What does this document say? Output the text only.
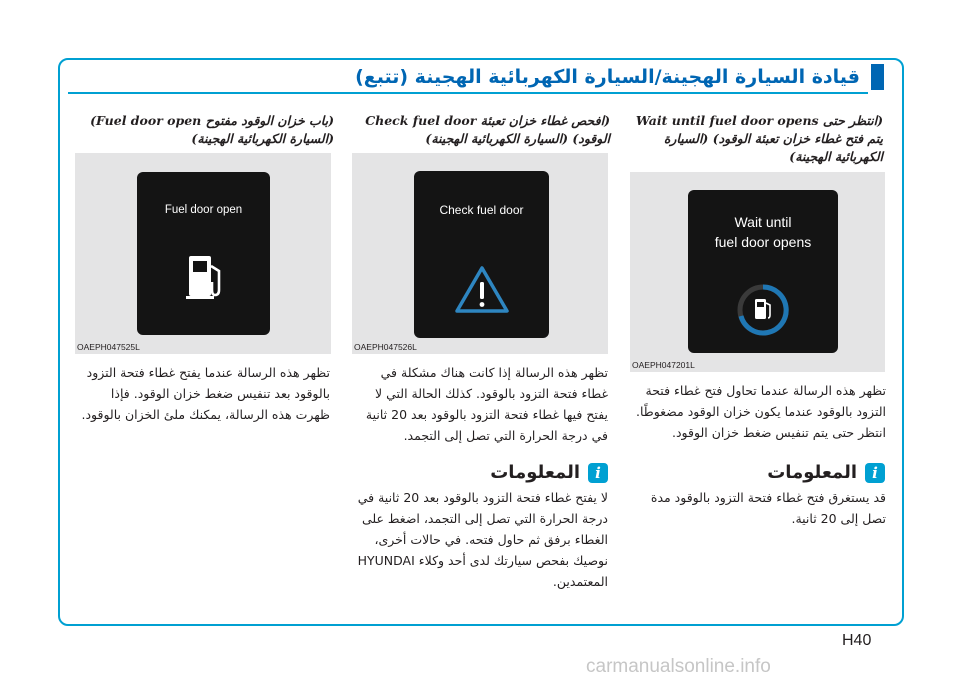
قيادة السيارة الهجينة/السيارة الكهربائية الهجينة (تتبع)
(انتظر حتى Wait until fuel door opens يتم فتح غطاء خزان تعبئة الوقود) (السيارة الكهربائية الهجينة)
Wait until
fuel door opens
OAEPH047201L
تظهر هذه الرسالة عندما تحاول فتح غطاء فتحة التزود بالوقود عندما يكون خزان الوقود مضغوطًا. انتظر حتى يتم تنفيس ضغط خزان الوقود.
i
المعلومات
قد يستغرق فتح غطاء فتحة التزود بالوقود مدة تصل إلى 20 ثانية.
(افحص غطاء خزان تعبئة Check fuel door الوقود) (السيارة الكهربائية الهجينة)
Check fuel door
OAEPH047526L
تظهر هذه الرسالة إذا كانت هناك مشكلة في غطاء فتحة التزود بالوقود. كذلك الحالة التي لا يفتح فيها غطاء فتحة التزود بالوقود بعد 20 ثانية في درجة الحرارة التي تصل إلى التجمد.
i
المعلومات
لا يفتح غطاء فتحة التزود بالوقود بعد 20 ثانية في درجة الحرارة التي تصل إلى التجمد، اضغط على الغطاء برفق ثم حاول فتحه. في حالات أخرى، نوصيك بفحص سيارتك لدى أحد وكلاء HYUNDAI المعتمدين.
(باب خزان الوقود مفتوح Fuel door open) (السيارة الكهربائية الهجينة)
Fuel door open
OAEPH047525L
تظهر هذه الرسالة عندما يفتح غطاء فتحة التزود بالوقود بعد تنفيس ضغط خزان الوقود. فإذا ظهرت هذه الرسالة، يمكنك ملئ الخزان بالوقود.
H40
carmanualsonline.info
